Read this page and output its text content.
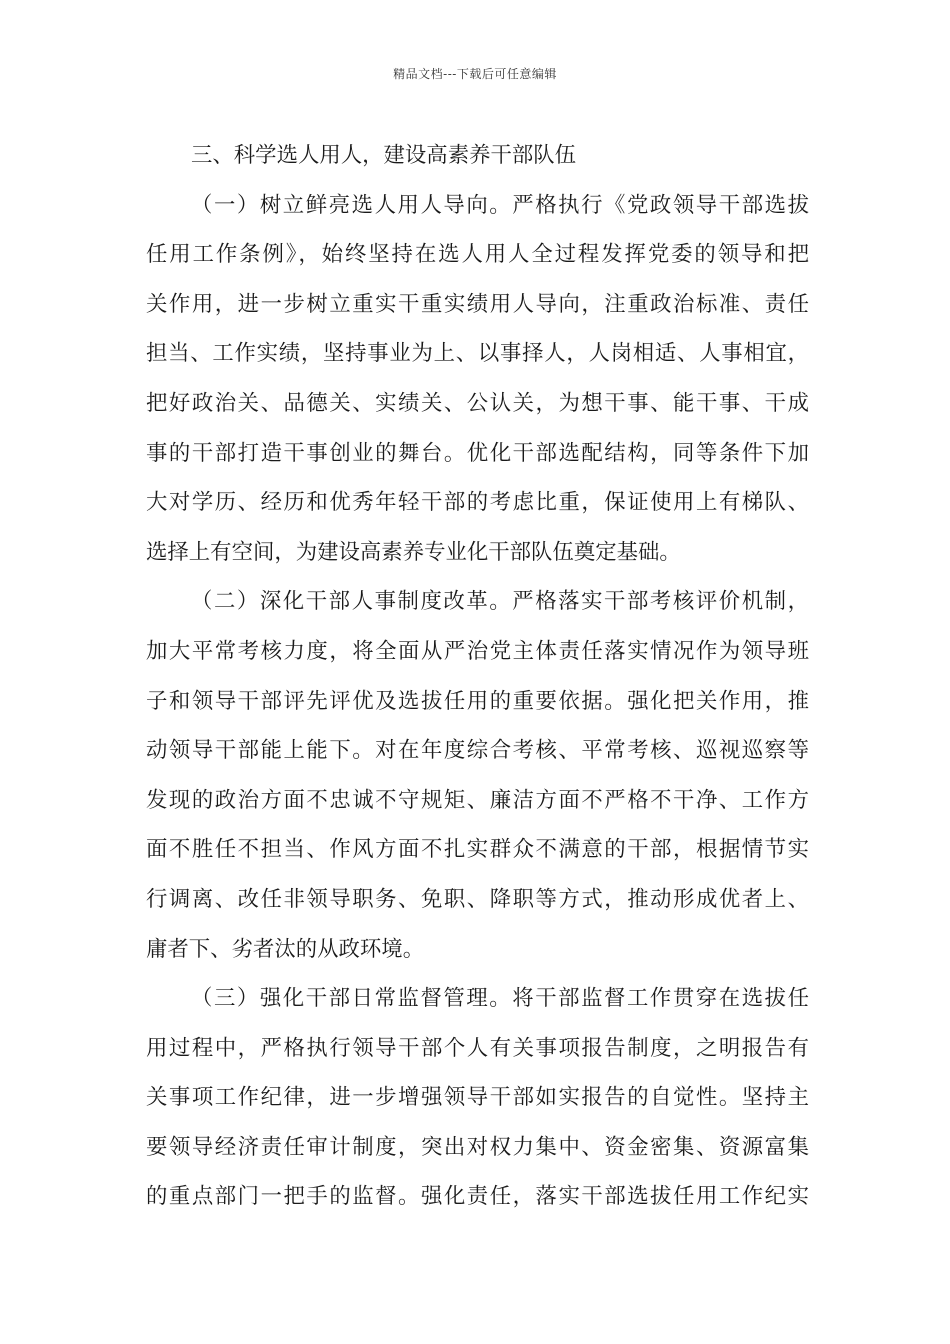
精品文档---下载后可任意编辑
三、科学选人用人，建设高素养干部队伍
（一）树立鲜亮选人用人导向。严格执行《党政领导干部选拔
任用工作条例》，始终坚持在选人用人全过程发挥党委的领导和把
关作用，进一步树立重实干重实绩用人导向，注重政治标准、责任
担当、工作实绩，坚持事业为上、以事择人，人岗相适、人事相宜，
把好政治关、品德关、实绩关、公认关，为想干事、能干事、干成
事的干部打造干事创业的舞台。优化干部选配结构，同等条件下加
大对学历、经历和优秀年轻干部的考虑比重，保证使用上有梯队、
选择上有空间，为建设高素养专业化干部队伍奠定基础。
（二）深化干部人事制度改革。严格落实干部考核评价机制，
加大平常考核力度，将全面从严治党主体责任落实情况作为领导班
子和领导干部评先评优及选拔任用的重要依据。强化把关作用，推
动领导干部能上能下。对在年度综合考核、平常考核、巡视巡察等
发现的政治方面不忠诚不守规矩、廉洁方面不严格不干净、工作方
面不胜任不担当、作风方面不扎实群众不满意的干部，根据情节实
行调离、改任非领导职务、免职、降职等方式，推动形成优者上、
庸者下、劣者汰的从政环境。
（三）强化干部日常监督管理。将干部监督工作贯穿在选拔任
用过程中，严格执行领导干部个人有关事项报告制度，之明报告有
关事项工作纪律，进一步增强领导干部如实报告的自觉性。坚持主
要领导经济责任审计制度，突出对权力集中、资金密集、资源富集
的重点部门一把手的监督。强化责任，落实干部选拔任用工作纪实
